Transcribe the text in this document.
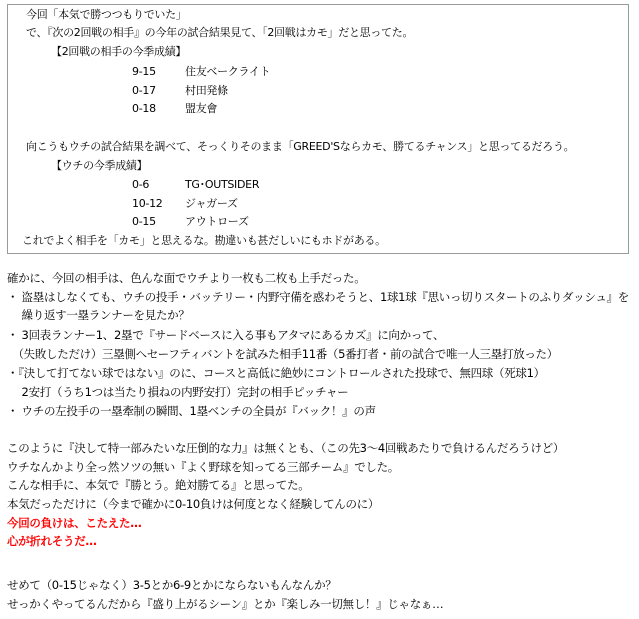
今回「本気で勝つつもりでいた」
で、『次の2回戦の相手』の今年の試合結果見て、「2回戦はカモ」だと思ってた。
【2回戦の相手の今季成績】
9-15	住友ベークライト
0-17	村田発條
0-18	盟友會
向こうもウチの試合結果を調べて、そっくりそのまま「GREED'Sならカモ、勝てるチャンス」と思ってるだろう。
【ウチの今季成績】
0-6	TG･OUTSIDER
10-12 ジャガーズ
0-15	アウトローズ
これでよく相手を「カモ」と思えるな。勘違いも甚だしいにもホドがある。
確かに、今回の相手は、色んな面でウチより一枚も二枚も上手だった。
・ 盗塁はしなくても、ウチの投手・バッテリー・内野守備を惑わそうと、1球1球『思いっ切りスタートのふりダッシュ』を
　 繰り返す一塁ランナーを見たか？
・ 3回表ランナー1、2塁で『サードベースに入る事もアタマにあるカズ』に向かって、
　（失敗しただけ）三塁側へセーフティバントを試みた相手11番（5番打者・前の試合で唯一人三塁打放った）
・『決して打てない球ではない』のに、コースと高低に絶妙にコントロールされた投球で、無四球（死球1）
　 2安打（うち1つは当たり損ねの内野安打）完封の相手ピッチャー
・ ウチの左投手の一塁牽制の瞬間、1塁ベンチの全員が『バック！』の声
このように『決して特一部みたいな圧倒的な力』は無くとも、（この先3～4回戦あたりで負けるんだろうけど）
ウチなんかより全っ然ソツの無い『よく野球を知ってる三部チーム』でした。
こんな相手に、本気で『勝とう。絶対勝てる』と思ってた。
本気だっただけに（今まで確かに0-10負けは何度となく経験してんのに）
今回の負けは、こたえた…
心が折れそうだ…
せめて（0-15じゃなく）3-5とか6-9とかにならないもんなんか？
せっかくやってるんだから『盛り上がるシーン』とか『楽しみ一切無し！』じゃなぁ…
